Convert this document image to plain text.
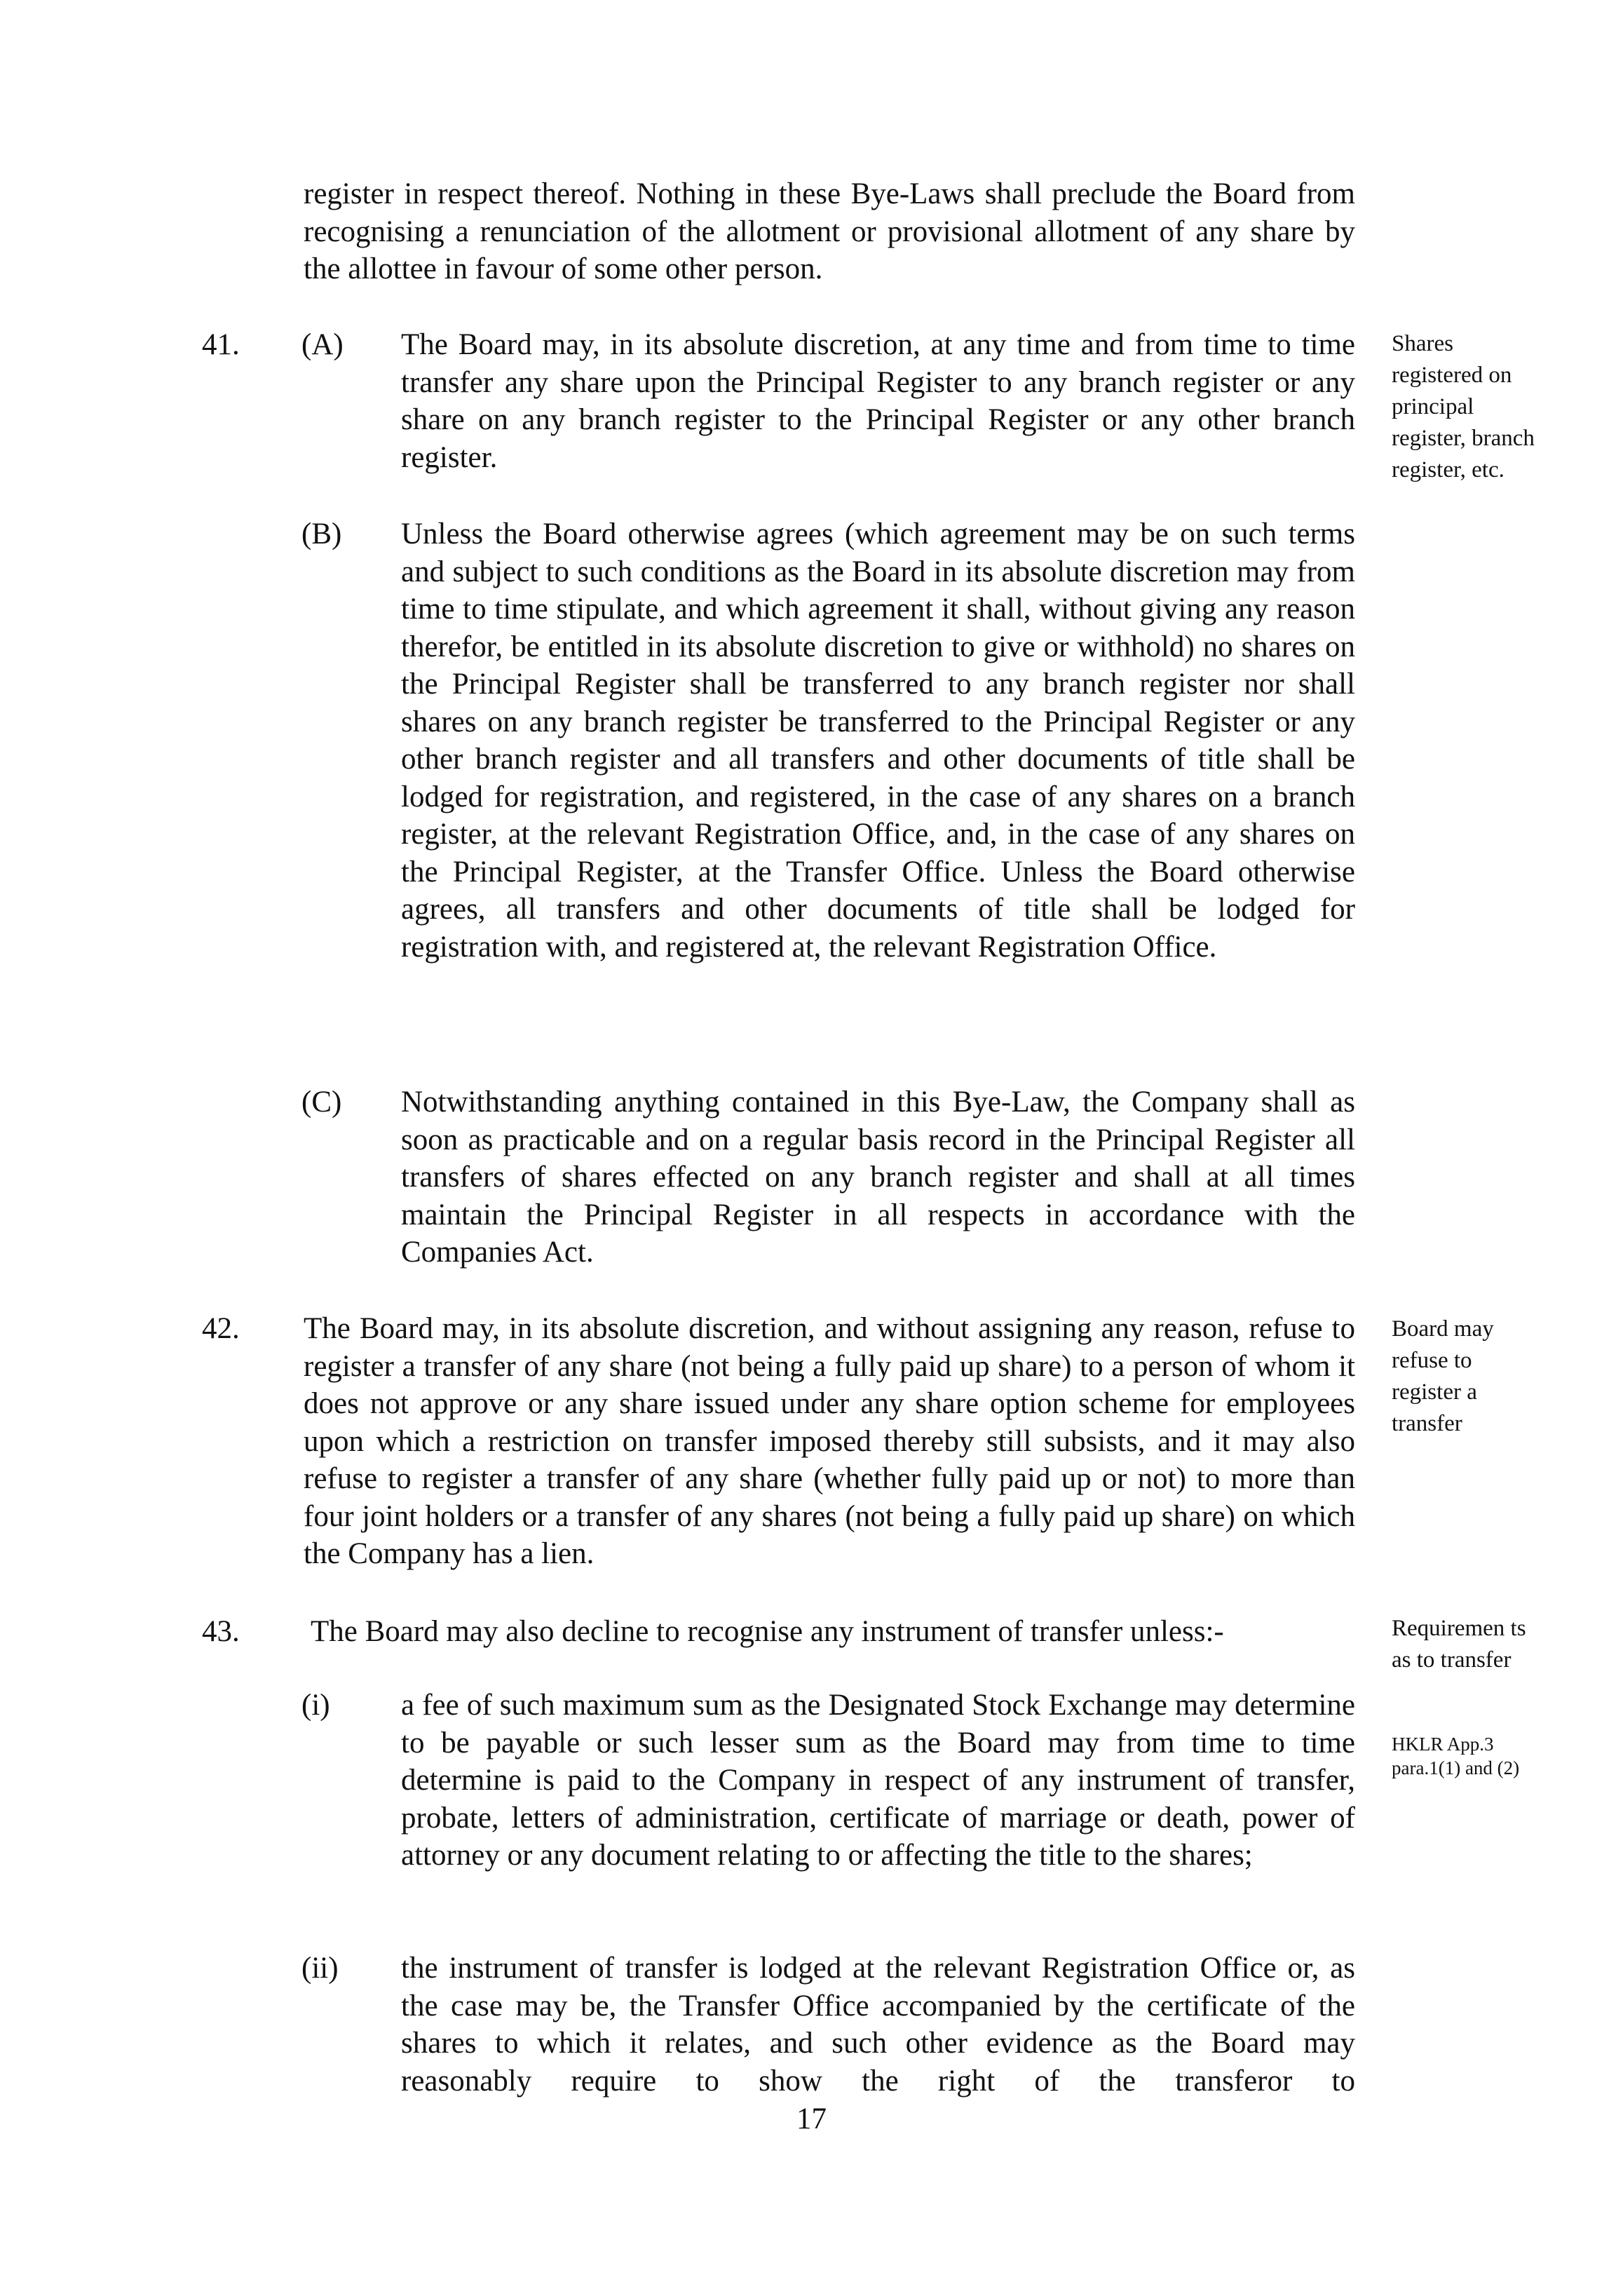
register in respect thereof. Nothing in these Bye-Laws shall preclude the Board from recognising a renunciation of the allotment or provisional allotment of any share by the allottee in favour of some other person.

41. (A) The Board may, in its absolute discretion, at any time and from time to time transfer any share upon the Principal Register to any branch register or any share on any branch register to the Principal Register or any other branch register.

(B) Unless the Board otherwise agrees (which agreement may be on such terms and subject to such conditions as the Board in its absolute discretion may from time to time stipulate, and which agreement it shall, without giving any reason therefor, be entitled in its absolute discretion to give or withhold) no shares on the Principal Register shall be transferred to any branch register nor shall shares on any branch register be transferred to the Principal Register or any other branch register and all transfers and other documents of title shall be lodged for registration, and registered, in the case of any shares on a branch register, at the relevant Registration Office, and, in the case of any shares on the Principal Register, at the Transfer Office. Unless the Board otherwise agrees, all transfers and other documents of title shall be lodged for registration with, and registered at, the relevant Registration Office.

(C) Notwithstanding anything contained in this Bye-Law, the Company shall as soon as practicable and on a regular basis record in the Principal Register all transfers of shares effected on any branch register and shall at all times maintain the Principal Register in all respects in accordance with the Companies Act.

Shares registered on principal register, branch register, etc.
42. The Board may, in its absolute discretion, and without assigning any reason, refuse to register a transfer of any share (not being a fully paid up share) to a person of whom it does not approve or any share issued under any share option scheme for employees upon which a restriction on transfer imposed thereby still subsists, and it may also refuse to register a transfer of any share (whether fully paid up or not) to more than four joint holders or a transfer of any shares (not being a fully paid up share) on which the Company has a lien.

Board may refuse to register a transfer
43. The Board may also decline to recognise any instrument of transfer unless:-

(i) a fee of such maximum sum as the Designated Stock Exchange may determine to be payable or such lesser sum as the Board may from time to time determine is paid to the Company in respect of any instrument of transfer, probate, letters of administration, certificate of marriage or death, power of attorney or any document relating to or affecting the title to the shares;

(ii) the instrument of transfer is lodged at the relevant Registration Office or, as the case may be, the Transfer Office accompanied by the certificate of the shares to which it relates, and such other evidence as the Board may reasonably require to show the right of the transferor to

Requiremen ts as to transfer
HKLR App.3 para.1(1) and (2)
17
